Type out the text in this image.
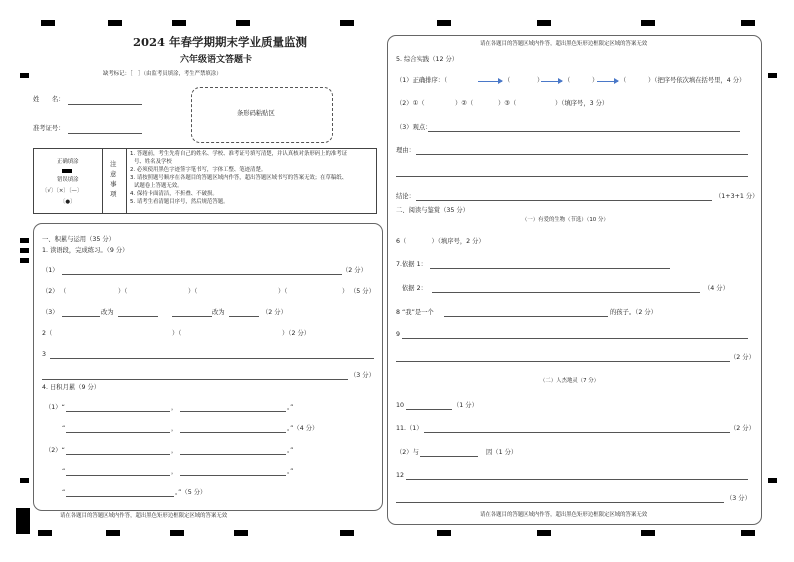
2024 年春学期期末学业质量监测
六年级语文答题卡
缺考标记：［　］（由监考员填涂，考生严禁填涂）
姓　　名：
准考证号：
条形码粘贴区
正确填涂
错误填涂
〔√〕〔×〕〔—〕
〔●〕
注意事项
1. 答题前，考生先将自己的姓名、学校、准考证号填写清楚，并认真核对条形码上的准考证
号、姓名及学校
2. 必须使用黑色字迹签字笔书写，字体工整、笔迹清楚。
3. 请按照题号顺序在各题目的答题区域内作答，超出答题区域书写的答案无效；在草稿纸、
试题卷上答题无效。
4. 保持卡面清洁，不折叠、不破损。
5. 请考生看清题目序号，然后规范答题。
一、积累与运用（35 分）
1. 读语段，完成练习。（9 分）
（1）	（2 分）
（2） （	）（	）（	）（	） （5 分）
（3）	改为	改为	（2 分）
2（	）（	）（2 分）
3
（3 分）
4. 日积月累（9 分）
（1）“	，	。”
“	，	。”（4 分）
（2）“	，	。”
“	，	。”
“	。”（5 分）
请在各题目的答题区域内作答，超出黑色矩形边框限定区域的答案无效
请在各题目的答题区域内作答，超出黑色矩形边框限定区域的答案无效
5. 综合实践（12 分）
（1）正确排序：（	（	）	（	）	（	）（把序号依次填在括号里，4 分）
（2）①（	）②（	）③（	）（填序号，3 分）
（3）观点：
理由：
结论：	（1+3+1 分）
二、阅读与鉴赏（35 分）
（一）有爱的生物（节选）（10 分）
6（　　　　）（填序号，2 分）
7.依据 1：
依据 2：	（4 分）
8 “我”是一个	的孩子。（2 分）
9
（2 分）
（二）人杰地灵（7 分）
10	（1 分）
11.（1）	（2 分）
（2）与	因（1 分）
12
（3 分）
请在各题目的答题区域内作答，超出黑色矩形边框限定区域的答案无效
